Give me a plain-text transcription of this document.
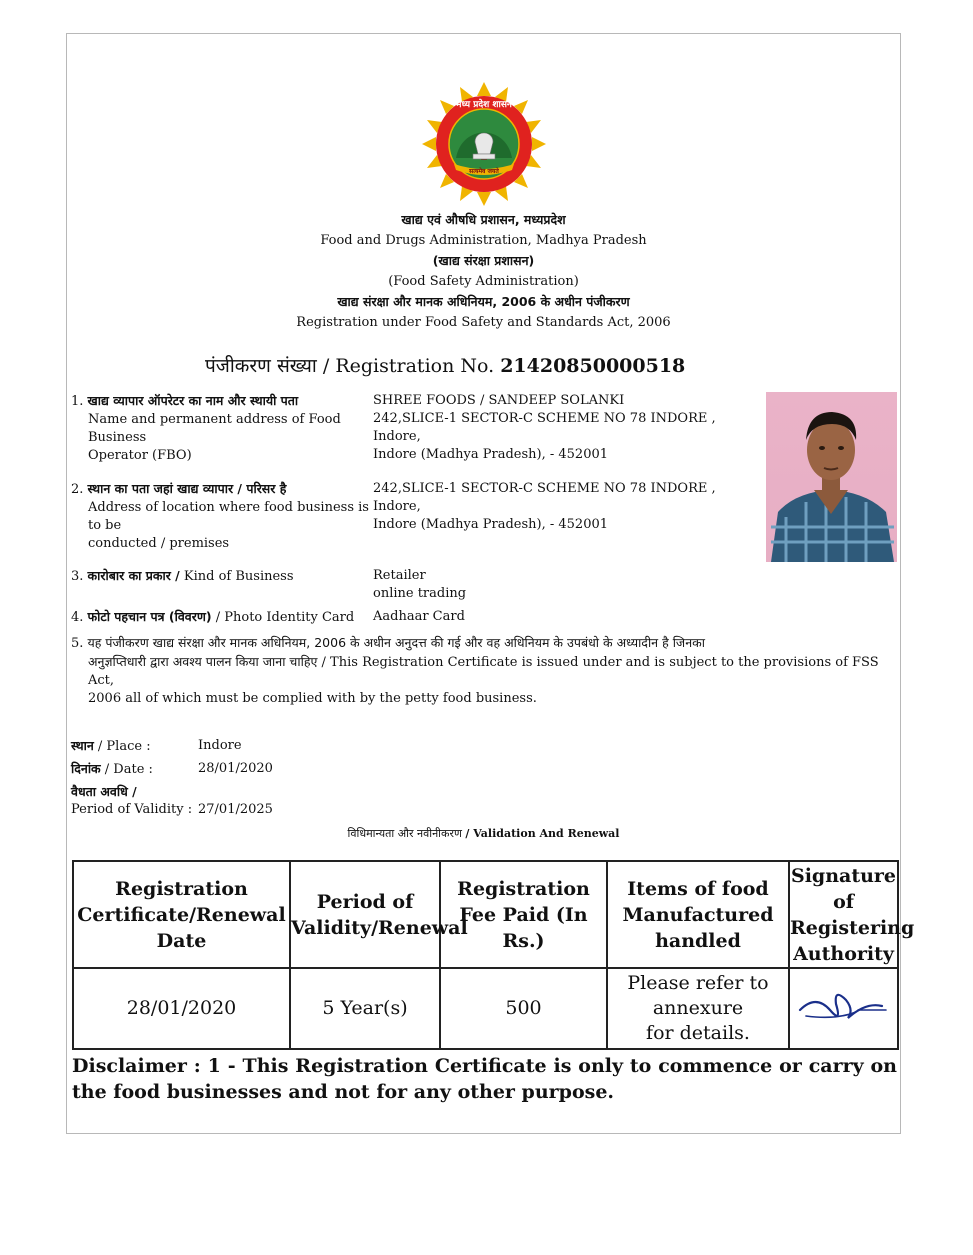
मध्य प्रदेश शासन
सत्यमेव जयते
खाद्य एवं औषधि प्रशासन, मध्यप्रदेश
Food and Drugs Administration, Madhya Pradesh
(खाद्य संरक्षा प्रशासन)
(Food Safety Administration)
खाद्य संरक्षा और मानक अधिनियम, 2006 के अधीन पंजीकरण
Registration under Food Safety and Standards Act, 2006
पंजीकरण संख्या / Registration No. 21420850000518
1. खाद्य व्यापार ऑपरेटर का नाम और स्थायी पता
Name and permanent address of Food Business
Operator (FBO)
SHREE FOODS / SANDEEP SOLANKI
242,SLICE-1 SECTOR-C SCHEME NO 78 INDORE , Indore,
Indore (Madhya Pradesh), - 452001
2. स्थान का पता जहां खाद्य व्यापार / परिसर है
Address of location where food business is to be
conducted / premises
242,SLICE-1 SECTOR-C SCHEME NO 78 INDORE , Indore,
Indore (Madhya Pradesh), - 452001
3. कारोबार का प्रकार / Kind of Business	Retailer
online trading
4. फोटो पहचान पत्र (विवरण) / Photo Identity Card	Aadhaar Card
5. यह पंजीकरण खाद्य संरक्षा और मानक अधिनियम, 2006 के अधीन अनुदत्त की गई और वह अधिनियम के उपबंधो के अध्यादीन है जिनका
अनुज्ञप्तिधारी द्वारा अवश्य पालन किया जाना चाहिए / This Registration Certificate is issued under and is subject to the provisions of FSS Act,
2006 all of which must be complied with by the petty food business.
स्थान / Place :	Indore
दिनांक / Date :	28/01/2020
वैधता अवधि /
Period of Validity : 27/01/2025
विधिमान्यता और नवीनीकरण / Validation And Renewal
Registration Certificate/Renewal Date	Period of Validity/Renewal	Registration Fee Paid (In Rs.)	Items of food Manufactured handled	Signature of Registering Authority
28/01/2020	5 Year(s)	500	Please refer to
annexure
for details.

Disclaimer : 1 - This Registration Certificate is only to commence or carry on the food businesses and not for any other purpose.
